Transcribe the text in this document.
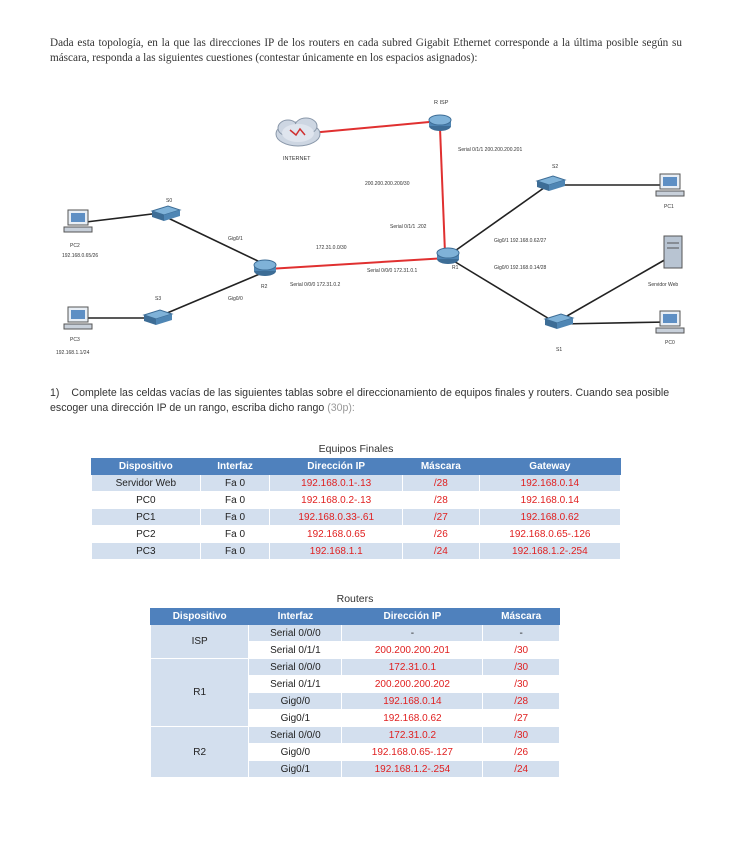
Dada esta topología, en la que las direcciones IP de los routers en cada subred Gigabit Ethernet corresponde a la última posible según su máscara, responda a las siguientes cuestiones (contestar únicamente en los espacios asignados):
INTERNET
R ISP
Serial 0/1/1 200.200.200.201
200.200.200.200/30
Serial 0/1/1 .202
R1
R2
172.31.0.0/30
Serial 0/0/0 172.31.0.1
Serial 0/0/0 172.31.0.2
Gig0/1
Gig0/0
Gig0/1 192.168.0.62/27
Gig0/0 192.168.0.14/28
S2
S1
S0
S3
PC1
Servidor Web
PC0
PC2
192.168.0.65/26
PC3
192.168.1.1/24
1) Complete las celdas vacías de las siguientes tablas sobre el direccionamiento de equipos finales y routers. Cuando sea posible escoger una dirección IP de un rango, escriba dicho rango (30p):
Equipos Finales
Dispositivo	Interfaz	Dirección IP	Máscara	Gateway
Servidor Web	Fa 0	192.168.0.1-.13	/28	192.168.0.14
PC0	Fa 0	192.168.0.2-.13	/28	192.168.0.14
PC1	Fa 0	192.168.0.33-.61	/27	192.168.0.62
PC2	Fa 0	192.168.0.65	/26	192.168.0.65-.126
PC3	Fa 0	192.168.1.1	/24	192.168.1.2-.254
Routers
Dispositivo	Interfaz	Dirección IP	Máscara
ISP	Serial 0/0/0	-	-
	Serial 0/1/1	200.200.200.201	/30
R1	Serial 0/0/0	172.31.0.1	/30
	Serial 0/1/1	200.200.200.202	/30
	Gig0/0	192.168.0.14	/28
	Gig0/1	192.168.0.62	/27
R2	Serial 0/0/0	172.31.0.2	/30
	Gig0/0	192.168.0.65-.127	/26
	Gig0/1	192.168.1.2-.254	/24
